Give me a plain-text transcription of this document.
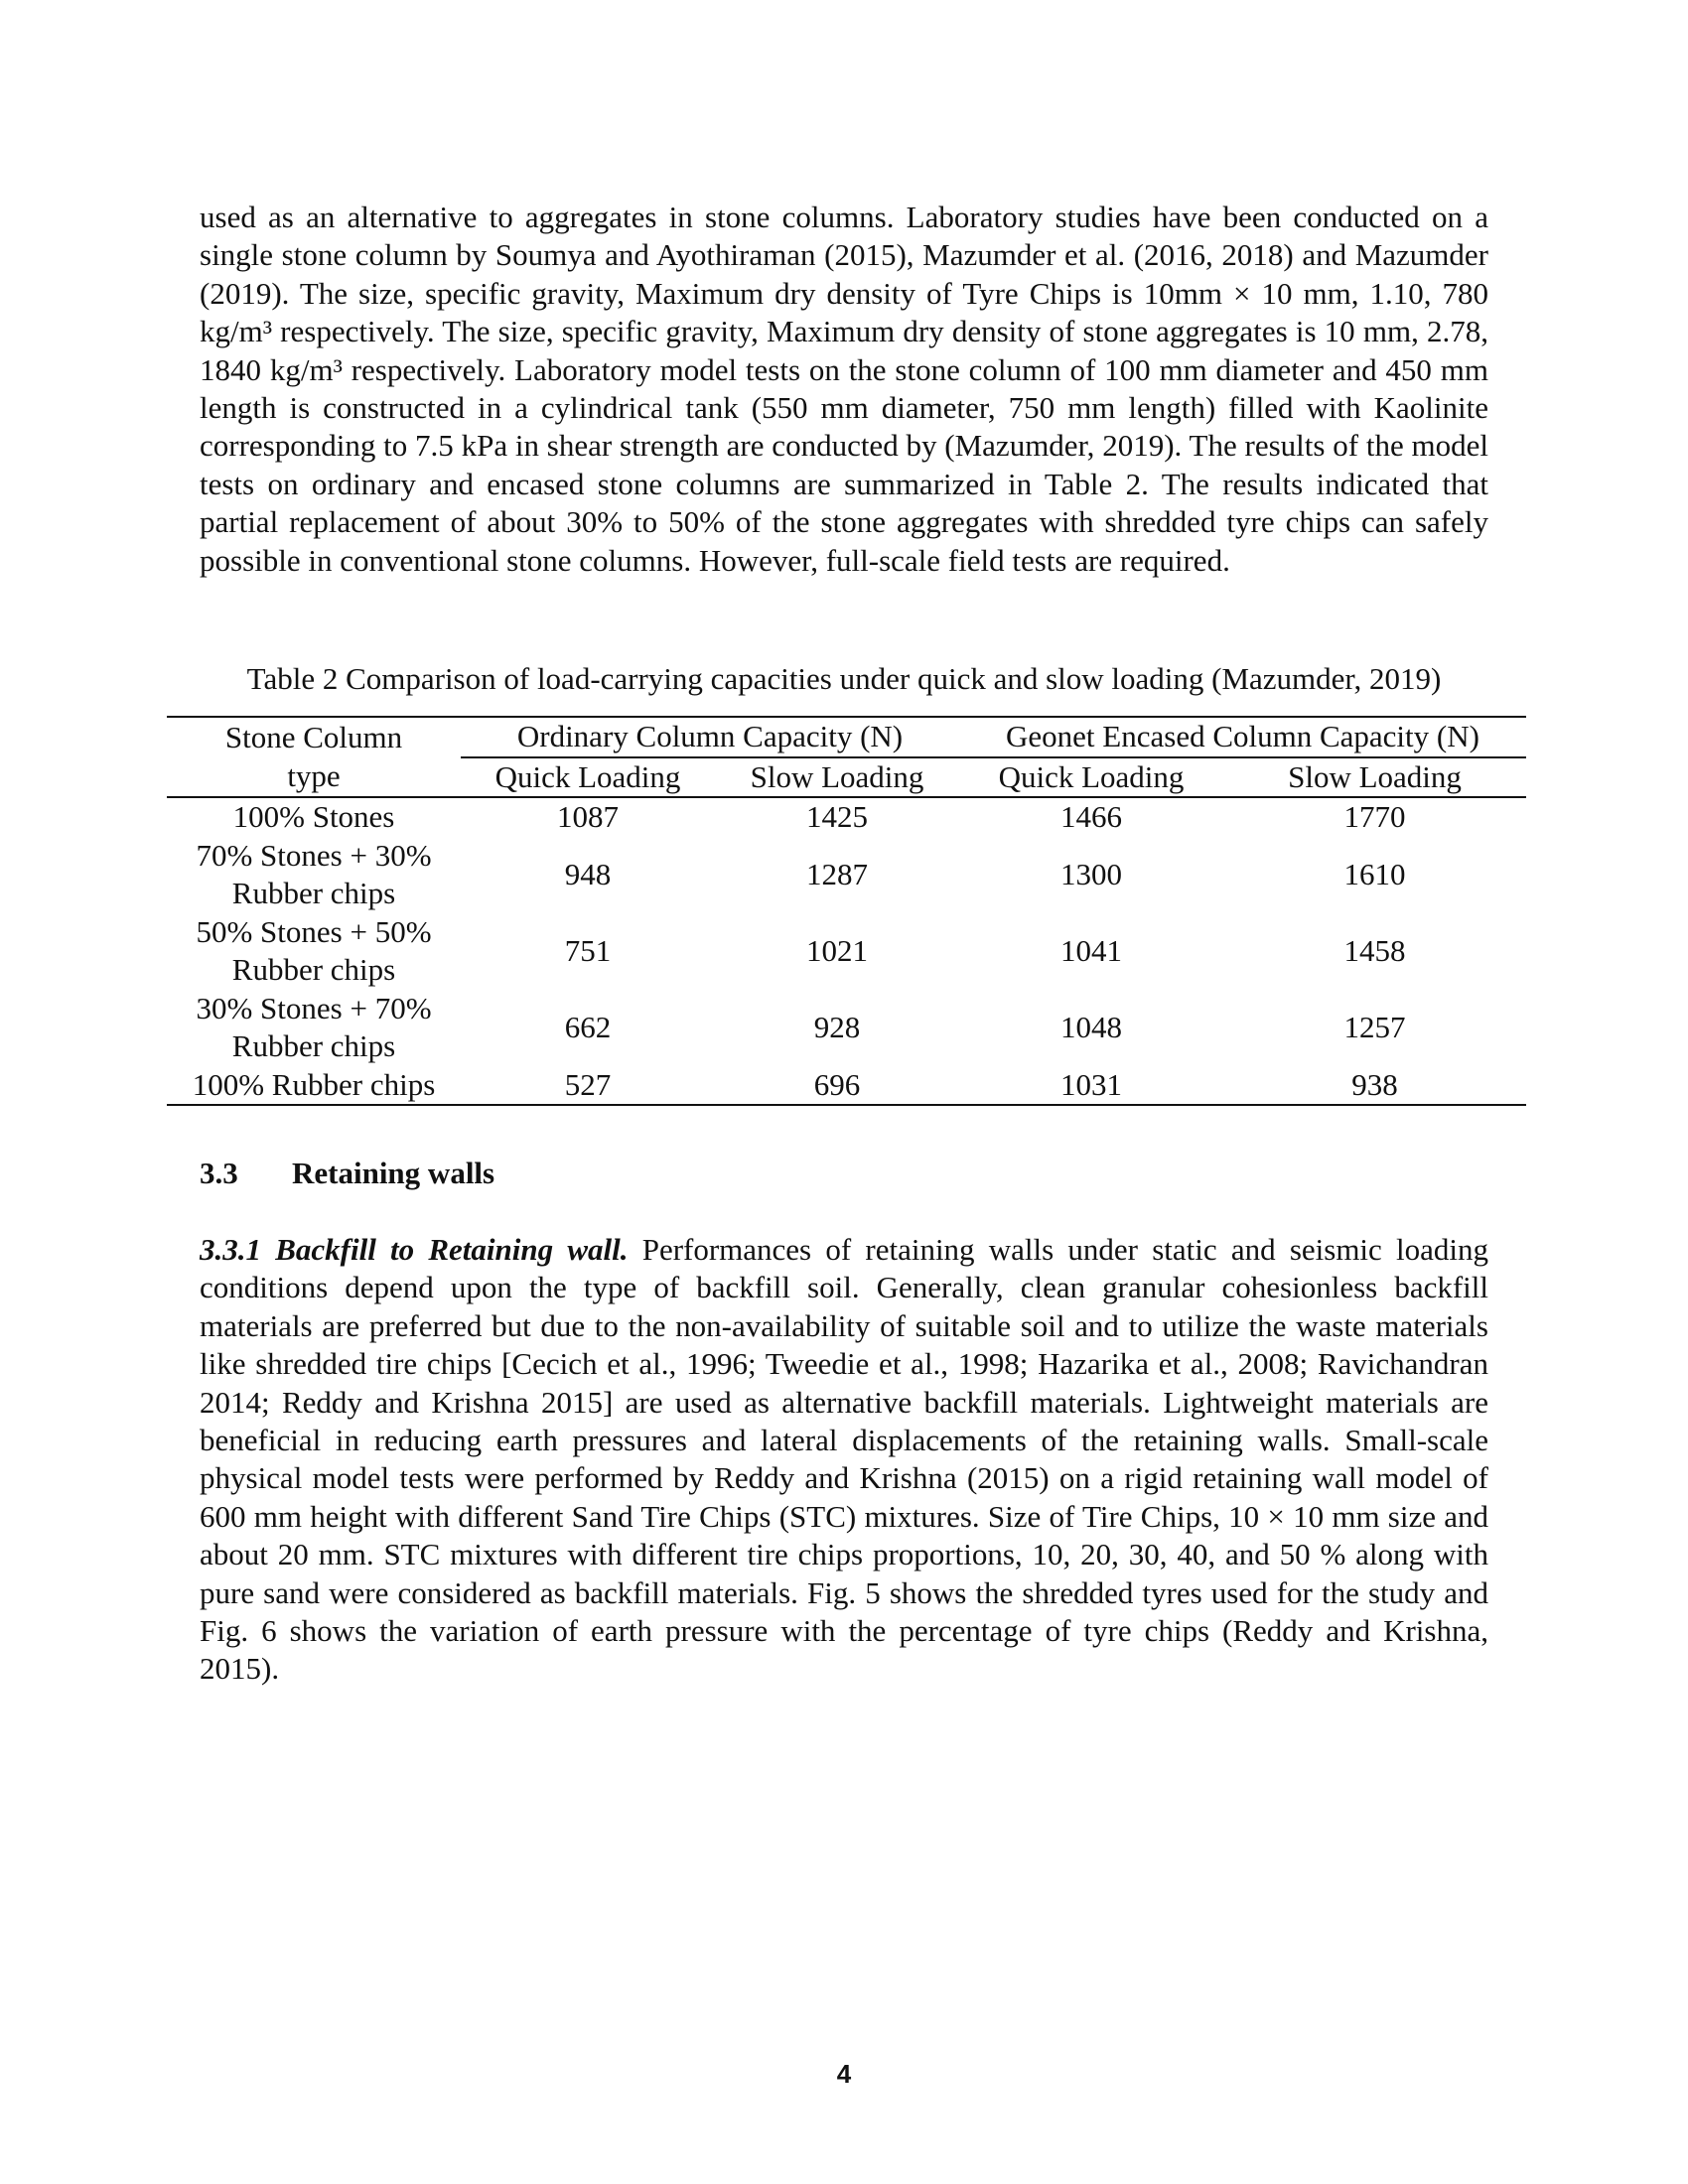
used as an alternative to aggregates in stone columns. Laboratory studies have been conducted on a single stone column by Soumya and Ayothiraman (2015), Mazumder et al. (2016, 2018) and Mazumder (2019). The size, specific gravity, Maximum dry density of Tyre Chips is 10mm × 10 mm, 1.10, 780 kg/m³ respectively. The size, specific gravity, Maximum dry density of stone aggregates is 10 mm, 2.78, 1840 kg/m³ respectively. Laboratory model tests on the stone column of 100 mm diameter and 450 mm length is constructed in a cylindrical tank (550 mm diameter, 750 mm length) filled with Kaolinite corresponding to 7.5 kPa in shear strength are conducted by (Mazumder, 2019). The results of the model tests on ordinary and encased stone columns are summarized in Table 2. The results indicated that partial replacement of about 30% to 50% of the stone aggregates with shredded tyre chips can safely possible in conventional stone columns. However, full-scale field tests are required.

Table 2 Comparison of load-carrying capacities under quick and slow loading (Mazumder, 2019)

Stone Column
type	Ordinary Column Capacity (N)		Geonet Encased Column Capacity (N)	
	Quick Loading	Slow Loading	Quick Loading	Slow Loading
100% Stones	1087	1425	1466	1770
70% Stones + 30%
Rubber chips	948	1287	1300	1610
50% Stones + 50%
Rubber chips	751	1021	1041	1458
30% Stones + 70%
Rubber chips	662	928	1048	1257
100% Rubber chips	527	696	1031	938
3.3 Retaining walls

3.3.1 Backfill to Retaining wall. Performances of retaining walls under static and seismic loading conditions depend upon the type of backfill soil. Generally, clean granular cohesionless backfill materials are preferred but due to the non-availability of suitable soil and to utilize the waste materials like shredded tire chips [Cecich et al., 1996; Tweedie et al., 1998; Hazarika et al., 2008; Ravichandran 2014; Reddy and Krishna 2015] are used as alternative backfill materials. Lightweight materials are beneficial in reducing earth pressures and lateral displacements of the retaining walls. Small-scale physical model tests were performed by Reddy and Krishna (2015) on a rigid retaining wall model of 600 mm height with different Sand Tire Chips (STC) mixtures. Size of Tire Chips, 10 × 10 mm size and about 20 mm. STC mixtures with different tire chips proportions, 10, 20, 30, 40, and 50 % along with pure sand were considered as backfill materials. Fig. 5 shows the shredded tyres used for the study and Fig. 6 shows the variation of earth pressure with the percentage of tyre chips (Reddy and Krishna, 2015).

4
